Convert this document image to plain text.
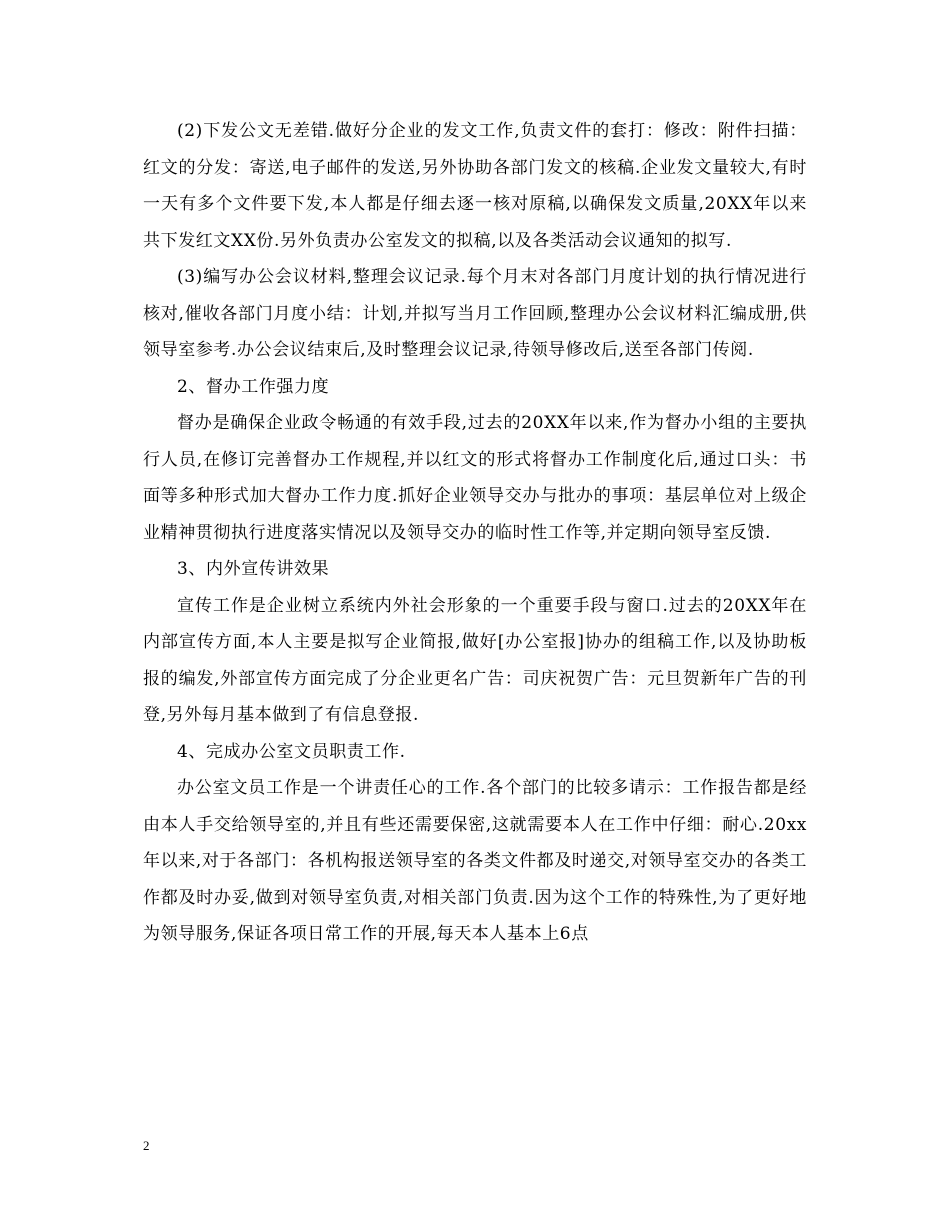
(2)下发公文无差错.做好分企业的发文工作,负责文件的套打：修改：附件扫描：红文的分发：寄送,电子邮件的发送,另外协助各部门发文的核稿.企业发文量较大,有时一天有多个文件要下发,本人都是仔细去逐一核对原稿,以确保发文质量,20XX年以来共下发红文XX份.另外负责办公室发文的拟稿,以及各类活动会议通知的拟写.

(3)编写办公会议材料,整理会议记录.每个月末对各部门月度计划的执行情况进行核对,催收各部门月度小结：计划,并拟写当月工作回顾,整理办公会议材料汇编成册,供领导室参考.办公会议结束后,及时整理会议记录,待领导修改后,送至各部门传阅.

2、督办工作强力度

督办是确保企业政令畅通的有效手段,过去的20XX年以来,作为督办小组的主要执行人员,在修订完善督办工作规程,并以红文的形式将督办工作制度化后,通过口头：书面等多种形式加大督办工作力度.抓好企业领导交办与批办的事项：基层单位对上级企业精神贯彻执行进度落实情况以及领导交办的临时性工作等,并定期向领导室反馈.

3、内外宣传讲效果

宣传工作是企业树立系统内外社会形象的一个重要手段与窗口.过去的20XX年在内部宣传方面,本人主要是拟写企业简报,做好[办公室报]协办的组稿工作,以及协助板报的编发,外部宣传方面完成了分企业更名广告：司庆祝贺广告：元旦贺新年广告的刊登,另外每月基本做到了有信息登报.

4、完成办公室文员职责工作.

办公室文员工作是一个讲责任心的工作.各个部门的比较多请示：工作报告都是经由本人手交给领导室的,并且有些还需要保密,这就需要本人在工作中仔细：耐心.20xx年以来,对于各部门：各机构报送领导室的各类文件都及时递交,对领导室交办的各类工作都及时办妥,做到对领导室负责,对相关部门负责.因为这个工作的特殊性,为了更好地为领导服务,保证各项日常工作的开展,每天本人基本上6点

2
